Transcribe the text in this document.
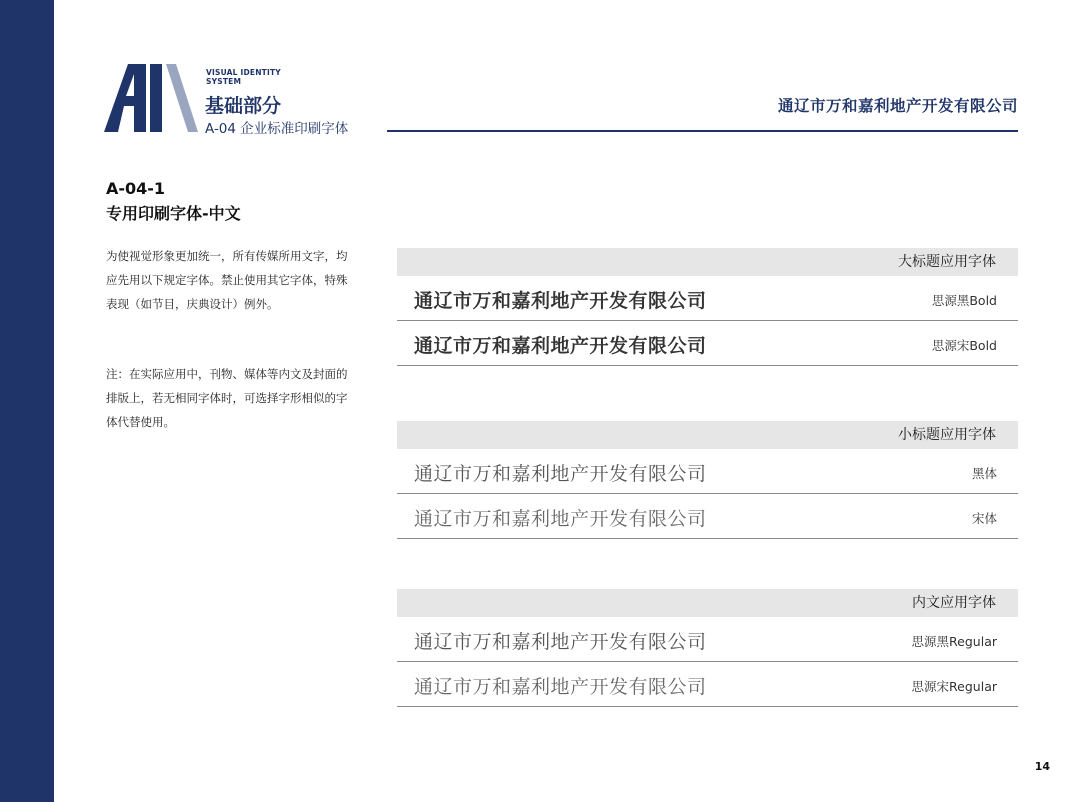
VISUAL IDENTITY
SYSTEM
基础部分
A-04 企业标准印刷字体
通辽市万和嘉利地产开发有限公司
A-04-1
专用印刷字体-中文

为使视觉形象更加统一，所有传媒所用文字，均应先用以下规定字体。禁止使用其它字体，特殊表现（如节目，庆典设计）例外。

注：在实际应用中，刊物、媒体等内文及封面的排版上，若无相同字体时，可选择字形相似的字体代替使用。

大标题应用字体
通辽市万和嘉利地产开发有限公司	思源黑Bold
通辽市万和嘉利地产开发有限公司	思源宋Bold
小标题应用字体
通辽市万和嘉利地产开发有限公司	黑体
通辽市万和嘉利地产开发有限公司	宋体
内文应用字体
通辽市万和嘉利地产开发有限公司	思源黑Regular
通辽市万和嘉利地产开发有限公司	思源宋Regular
14
